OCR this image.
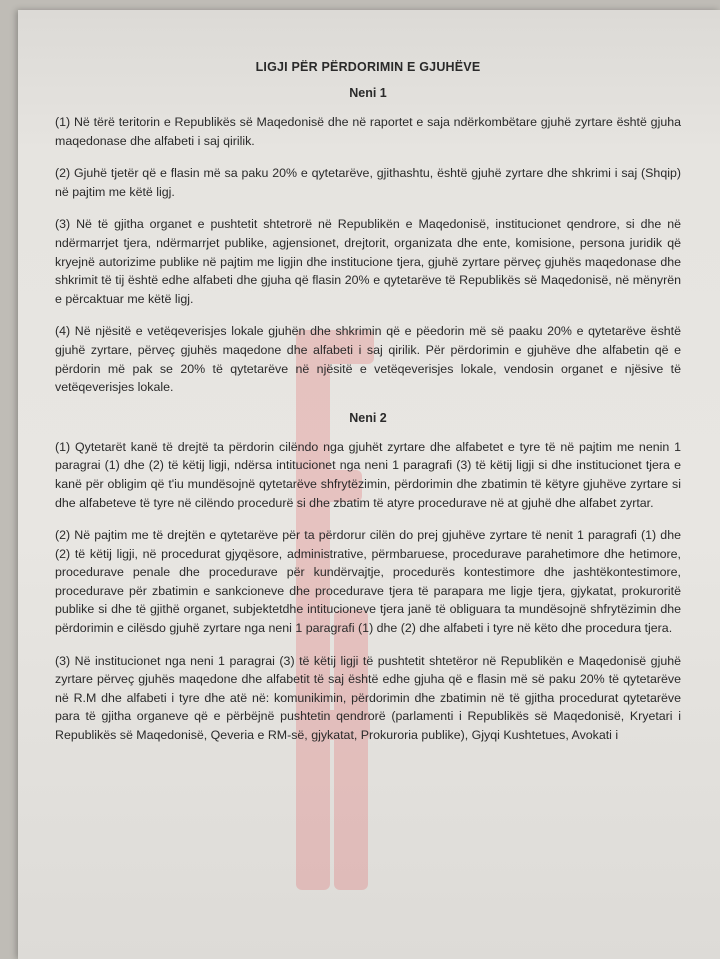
LIGJI PËR PËRDORIMIN E GJUHËVE
Neni 1

(1) Në tërë teritorin e Republikës së Maqedonisë dhe në raportet e saja ndërkombëtare gjuhë zyrtare është gjuha maqedonase dhe alfabeti i saj qirilik.

(2) Gjuhë tjetër që e flasin më sa paku 20% e qytetarëve, gjithashtu, është gjuhë zyrtare dhe shkrimi i saj (Shqip) në pajtim me këtë ligj.

(3) Në të gjitha organet e pushtetit shtetrorë në Republikën e Maqedonisë, institucionet qendrore, si dhe në ndërmarrjet tjera, ndërmarrjet publike, agjensionet, drejtorit, organizata dhe ente, komisione, persona juridik që kryejnë autorizime publike në pajtim me ligjin dhe institucione tjera, gjuhë zyrtare përveç gjuhës maqedonase dhe shkrimit të tij është edhe alfabeti dhe gjuha që flasin 20% e qytetarëve të Republikës së Maqedonisë, në mënyrën e përcaktuar me këtë ligj.

(4) Në njësitë e vetëqeverisjes lokale gjuhën dhe shkrimin që e pëedorin më së paaku 20% e qytetarëve është gjuhë zyrtare, përveç gjuhës maqedone dhe alfabeti i saj qirilik. Për përdorimin e gjuhëve dhe alfabetin që e përdorin më pak se 20% të qytetarëve në njësitë e vetëqeverisjes lokale, vendosin organet e njësive të vetëqeverisjes lokale.

Neni 2

(1) Qytetarët kanë të drejtë ta përdorin cilëndo nga gjuhët zyrtare dhe alfabetet e tyre të në pajtim me nenin 1 paragrai (1) dhe (2) të këtij ligji, ndërsa intitucionet nga neni 1 paragrafi (3) të këtij ligji si dhe institucionet tjera e kanë për obligim që t'iu mundësojnë qytetarëve shfrytëzimin, përdorimin dhe zbatimin të këtyre gjuhëve zyrtare si dhe alfabeteve të tyre në cilëndo procedurë si dhe zbatim të atyre procedurave në at gjuhë dhe alfabet zyrtar.

(2) Në pajtim me të drejtën e qytetarëve për ta përdorur cilën do prej gjuhëve zyrtare të nenit 1 paragrafi (1) dhe (2) të këtij ligji, në procedurat gjyqësore, administrative, përmbaruese, procedurave parahetimore dhe hetimore, procedurave penale dhe procedurave për kundërvajtje, procedurës kontestimore dhe jashtëkontestimore, procedurave për zbatimin e sankcioneve dhe procedurave tjera të parapara me ligje tjera, gjykatat, prokuroritë publike si dhe të gjithë organet, subjektetdhe intitucioneve tjera janë të obliguara ta mundësojnë shfrytëzimin dhe përdorimin e cilësdo gjuhë zyrtare nga neni 1 paragrafi (1) dhe (2) dhe alfabeti i tyre në këto dhe procedura tjera.

(3) Në institucionet nga neni 1 paragrai (3) të këtij ligji të pushtetit shtetëror në Republikën e Maqedonisë gjuhë zyrtare përveç gjuhës maqedone dhe alfabetit të saj është edhe gjuha që e flasin më së paku 20% të qytetarëve në R.M dhe alfabeti i tyre dhe atë në: komunikimin, përdorimin dhe zbatimin në të gjitha procedurat qytetarëve para të gjitha organeve që e përbëjnë pushtetin qendrorë (parlamenti i Republikës së Maqedonisë, Kryetari i Republikës së Maqedonisë, Qeveria e RM-së, gjykatat, Prokuroria publike), Gjyqi Kushtetues, Avokati i
